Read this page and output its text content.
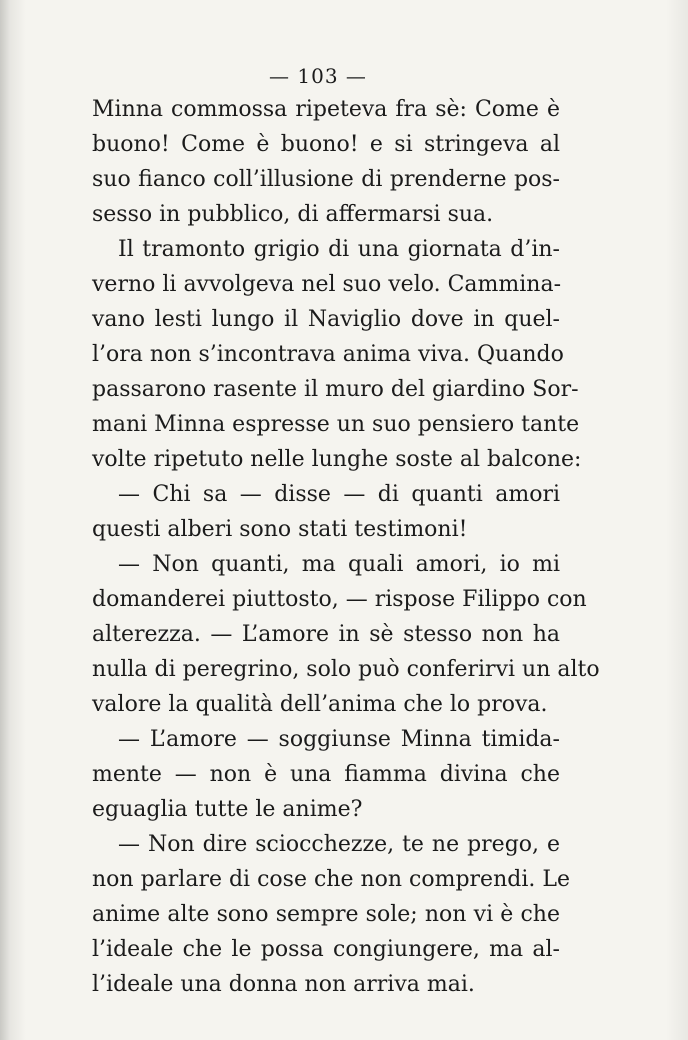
— 103 —
Minna commossa ripeteva fra sè: Come è
buono! Come è buono! e si stringeva al
suo fianco coll’illusione di prenderne pos-
sesso in pubblico, di affermarsi sua.
Il tramonto grigio di una giornata d’in-
verno li avvolgeva nel suo velo. Cammina-
vano lesti lungo il Naviglio dove in quel-
l’ora non s’incontrava anima viva. Quando
passarono rasente il muro del giardino Sor-
mani Minna espresse un suo pensiero tante
volte ripetuto nelle lunghe soste al balcone:
— Chi sa — disse — di quanti amori
questi alberi sono stati testimoni!
— Non quanti, ma quali amori, io mi
domanderei piuttosto, — rispose Filippo con
alterezza. — L’amore in sè stesso non ha
nulla di peregrino, solo può conferirvi un alto
valore la qualità dell’anima che lo prova.
— L’amore — soggiunse Minna timida-
mente — non è una fiamma divina che
eguaglia tutte le anime?
— Non dire sciocchezze, te ne prego, e
non parlare di cose che non comprendi. Le
anime alte sono sempre sole; non vi è che
l’ideale che le possa congiungere, ma al-
l’ideale una donna non arriva mai.
